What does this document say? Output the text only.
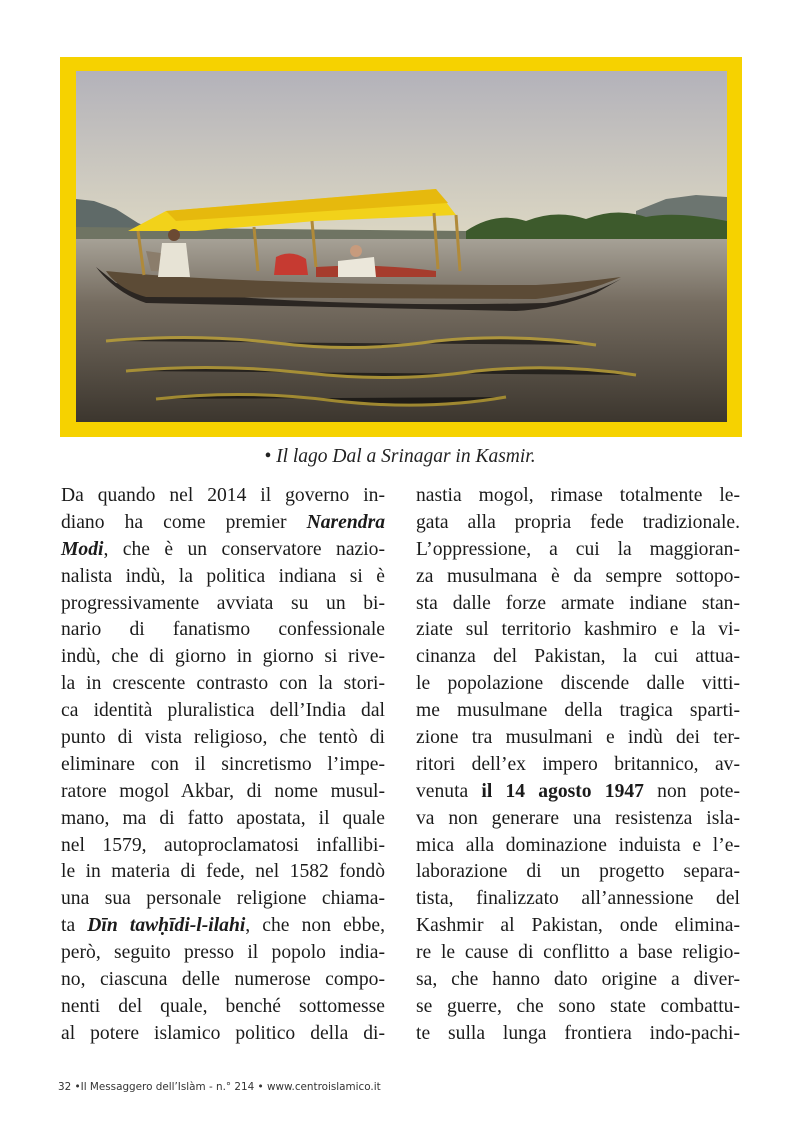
• Il lago Dal a Srinagar in Kasmir.
Da quando nel 2014 il governo in-
diano ha come premier Narendra
Modi, che è un conservatore nazio-
nalista indù, la politica indiana si è
progressivamente avviata su un bi-
nario di fanatismo confessionale
indù, che di giorno in giorno si rive-
la in crescente contrasto con la stori-
ca identità pluralistica dell’India dal
punto di vista religioso, che tentò di
eliminare con il sincretismo l’impe-
ratore mogol Akbar, di nome musul-
mano, ma di fatto apostata, il quale
nel 1579, autoproclamatosi infallibi-
le in materia di fede, nel 1582 fondò
una sua personale religione chiama-
ta Dīn tawḥīdi-l-ilahi, che non ebbe,
però, seguito presso il popolo india-
no, ciascuna delle numerose compo-
nenti del quale, benché sottomesse
al potere islamico politico della di-
nastia mogol, rimase totalmente le-
gata alla propria fede tradizionale.
L’oppressione, a cui la maggioran-
za musulmana è da sempre sottopo-
sta dalle forze armate indiane stan-
ziate sul territorio kashmiro e la vi-
cinanza del Pakistan, la cui attua-
le popolazione discende dalle vitti-
me musulmane della tragica sparti-
zione tra musulmani e indù dei ter-
ritori dell’ex impero britannico, av-
venuta il 14 agosto 1947 non pote-
va non generare una resistenza isla-
mica alla dominazione induista e l’e-
laborazione di un progetto separa-
tista, finalizzato all’annessione del
Kashmir al Pakistan, onde elimina-
re le cause di conflitto a base religio-
sa, che hanno dato origine a diver-
se guerre, che sono state combattu-
te sulla lunga frontiera indo-pachi-
32 •Il Messaggero dell’Islàm - n.° 214 • www.centroislamico.it
